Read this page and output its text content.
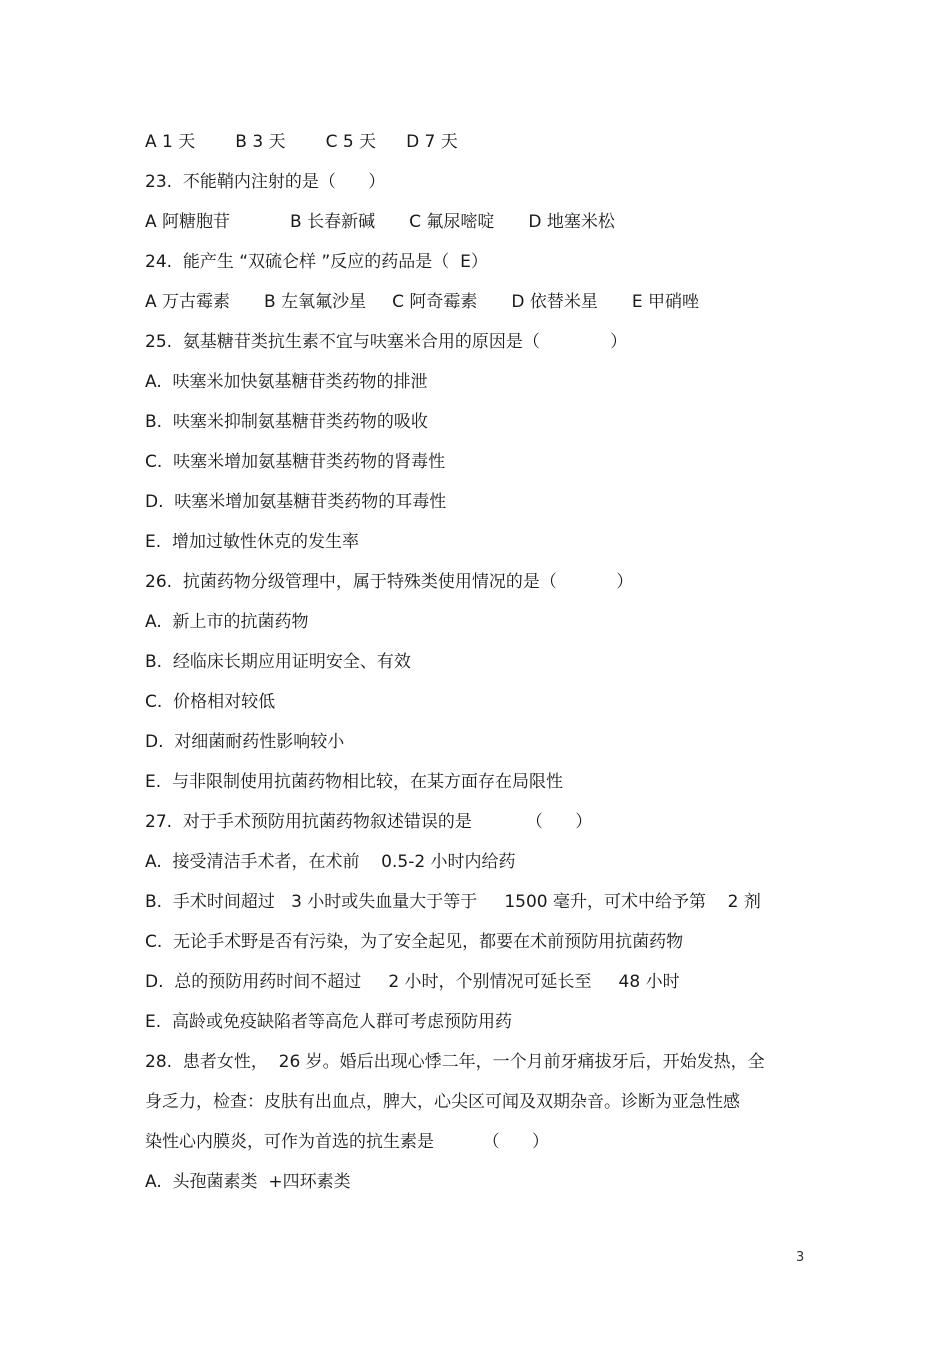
A 1 天 B 3 天 C 5 天 D 7 天
23.  不能鞘内注射的是（      ）
A 阿糖胞苷	B 长春新碱 C 氟尿嘧啶 D 地塞米松
24.  能产生 “双硫仑样 ”反应的药品是（  E）
A 万古霉素 B 左氧氟沙星 C 阿奇霉素 D 依替米星 E 甲硝唑
25.  氨基糖苷类抗生素不宜与呋塞米合用的原因是（             ）
A.  呋塞米加快氨基糖苷类药物的排泄
B.  呋塞米抑制氨基糖苷类药物的吸收
C.  呋塞米增加氨基糖苷类药物的肾毒性
D.  呋塞米增加氨基糖苷类药物的耳毒性
E.  增加过敏性休克的发生率
26.  抗菌药物分级管理中，属于特殊类使用情况的是（           ）
A.  新上市的抗菌药物
B.  经临床长期应用证明安全、有效
C.  价格相对较低
D.  对细菌耐药性影响较小
E.  与非限制使用抗菌药物相比较，在某方面存在局限性
27.  对于手术预防用抗菌药物叙述错误的是          （      ）
A.  接受清洁手术者，在术前    0.5-2 小时内给药
B.  手术时间超过   3 小时或失血量大于等于     1500 毫升，可术中给予第    2 剂
C.  无论手术野是否有污染，为了安全起见，都要在术前预防用抗菌药物
D.  总的预防用药时间不超过     2 小时，个别情况可延长至     48 小时
E.  高龄或免疫缺陷者等高危人群可考虑预防用药
28.  患者女性，  26 岁。婚后出现心悸二年，一个月前牙痛拔牙后，开始发热，全
身乏力，检查：皮肤有出血点，脾大，心尖区可闻及双期杂音。诊断为亚急性感
染性心内膜炎，可作为首选的抗生素是         （      ）
A.  头孢菌素类  +四环素类
3
